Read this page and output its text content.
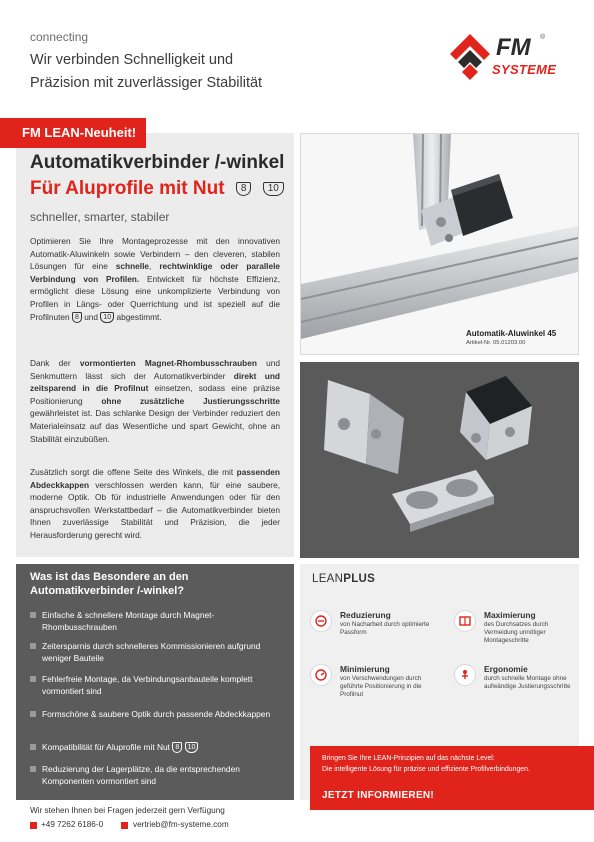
connecting
Wir verbinden Schnelligkeit und
Präzision mit zuverlässiger Stabilität
FM ®
SYSTEME
FM LEAN-Neuheit!
Automatikverbinder /-winkel
Für Aluprofile mit Nut 8 10
schneller, smarter, stabiler
Optimieren Sie Ihre Montageprozesse mit den innovativen Automatik-Aluwinkeln sowie Verbindern – den cleveren, stabilen Lösungen für eine schnelle, rechtwinklige oder parallele Verbindung von Profilen. Entwickelt für höchste Effizienz, ermöglicht diese Lösung eine unkomplizierte Verbindung von Profilen in Längs- oder Querrichtung und ist speziell auf die Profilnuten 8 und 10 abgestimmt.
Dank der vormontierten Magnet-Rhombusschrauben und Senkmuttern lässt sich der Automatikverbinder direkt und zeitsparend in die Profilnut einsetzen, sodass eine präzise Positionierung ohne zusätzliche Justierungsschritte gewährleistet ist. Das schlanke Design der Verbinder reduziert den Materialeinsatz auf das Wesentliche und spart Gewicht, ohne an Stabilität einzubüßen.
Zusätzlich sorgt die offene Seite des Winkels, die mit passenden Abdeckkappen verschlossen werden kann, für eine saubere, moderne Optik. Ob für industrielle Anwendungen oder für den anspruchsvollen Werkstattbedarf – die Automatikverbinder bieten Ihnen zuverlässige Stabilität und Präzision, die jeder Herausforderung gerecht wird.
Automatik-Aluwinkel 45
Artikel-Nr. 05.01203.00
Was ist das Besondere an den Automatikverbinder /-winkel?
Einfache & schnellere Montage durch Magnet-Rhombusschrauben
Zeitersparnis durch schnelleres Kommissionieren aufgrund weniger Bauteile
Fehlerfreie Montage, da Verbindungsanbauteile komplett vormontiert sind
Formschöne & saubere Optik durch passende Abdeckkappen
Kompatibilität für Aluprofile mit Nut 8 10
Reduzierung der Lagerplätze, da die entsprechenden Komponenten vormontiert sind
LEANPLUS
Reduzierung
von Nacharbeit durch optimierte Passform
Maximierung
des Durchsatzes durch Vermeidung unnötiger Montageschritte
Minimierung
von Verschwendungen durch geführte Positionierung in die Profilnut
Ergonomie
durch schnelle Montage ohne aufwändige Justierungsschritte
Bringen Sie Ihre LEAN-Prinzipien auf das nächste Level:
Die intelligente Lösung für präzise und effiziente Profilverbindungen.
JETZT INFORMIEREN!
Wir stehen Ihnen bei Fragen jederzeit gern Verfügung
+49 7262 6186-0	vertrieb@fm-systeme.com
